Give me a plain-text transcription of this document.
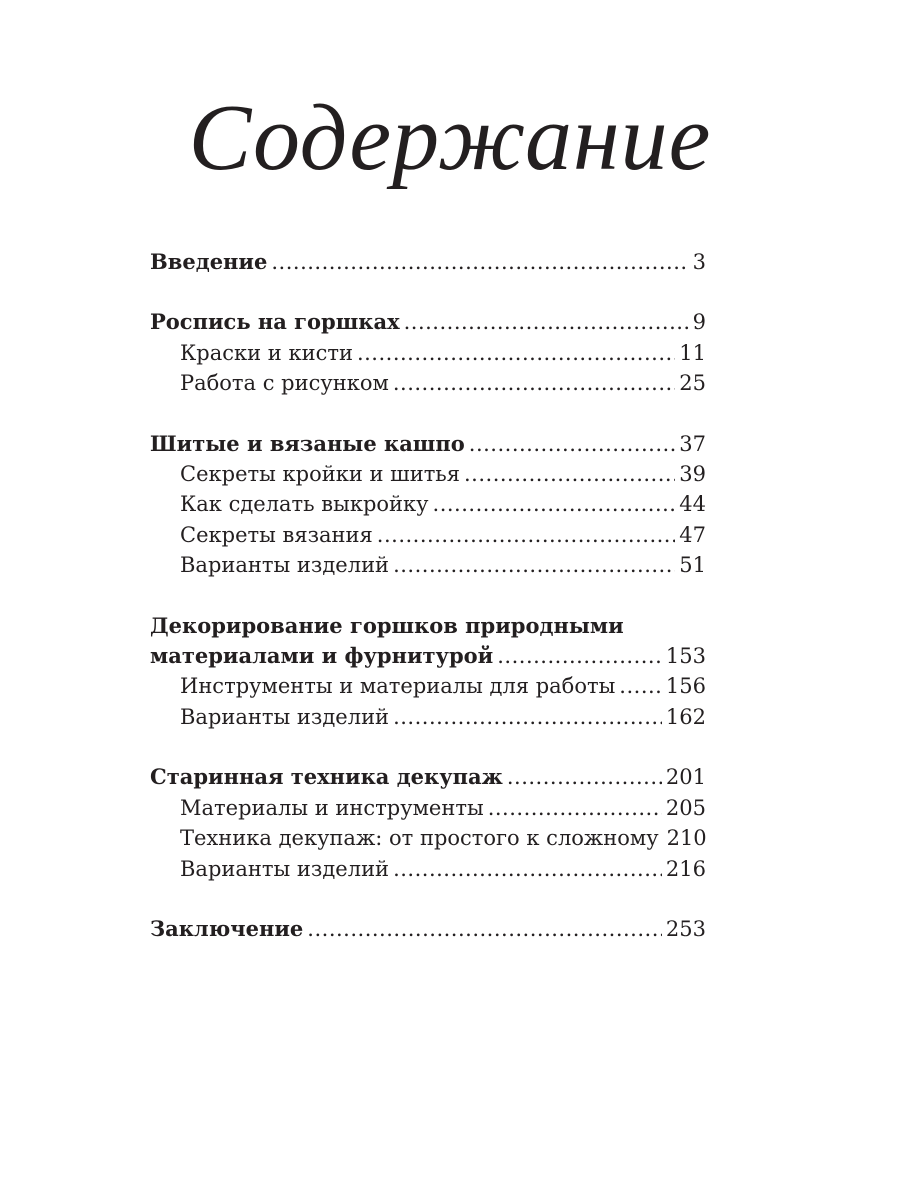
Содержание
Введение .....	3
Роспись на горшках .....	9
Краски и кисти .....	11
Работа с рисунком .....	25
Шитые и вязаные кашпо .....	37
Секреты кройки и шитья .....	39
Как сделать выкройку .....	44
Секреты вязания .....	47
Варианты изделий .....	51
Декорирование горшков природными
материалами и фурнитурой .....	153
Инструменты и материалы для работы ..... 156
Варианты изделий .....	162
Старинная техника декупаж .....	201
Материалы и инструменты .....	205
Техника декупаж: от простого к сложному 210
Варианты изделий .....	216
Заключение .....	253
